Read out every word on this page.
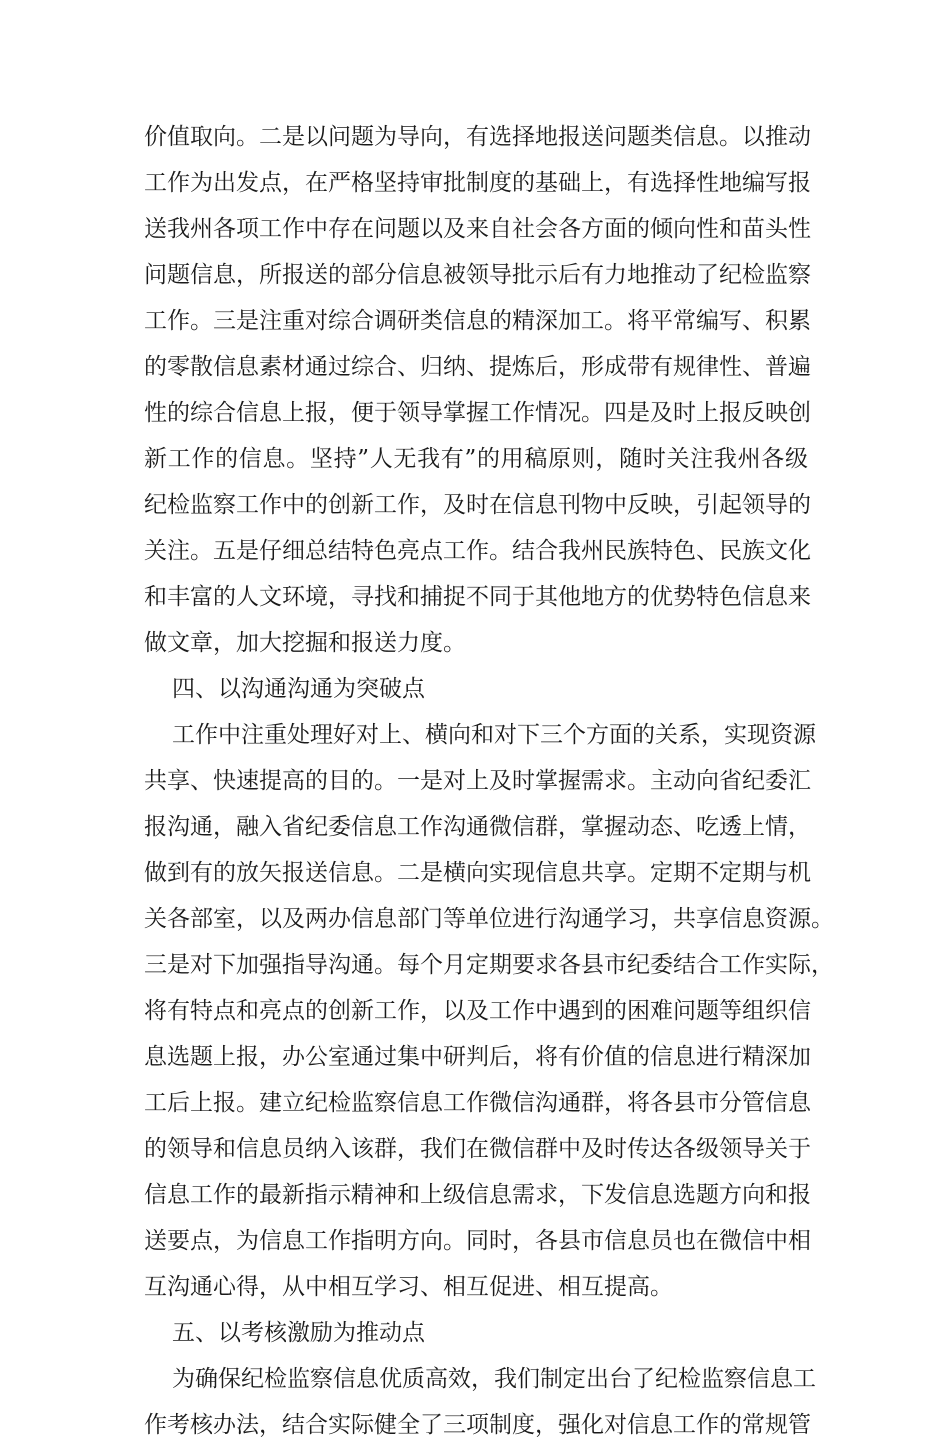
价值取向。二是以问题为导向，有选择地报送问题类信息。以推动
工作为出发点，在严格坚持审批制度的基础上，有选择性地编写报
送我州各项工作中存在问题以及来自社会各方面的倾向性和苗头性
问题信息，所报送的部分信息被领导批示后有力地推动了纪检监察
工作。三是注重对综合调研类信息的精深加工。将平常编写、积累
的零散信息素材通过综合、归纳、提炼后，形成带有规律性、普遍
性的综合信息上报，便于领导掌握工作情况。四是及时上报反映创
新工作的信息。坚持”人无我有”的用稿原则，随时关注我州各级
纪检监察工作中的创新工作，及时在信息刊物中反映，引起领导的
关注。五是仔细总结特色亮点工作。结合我州民族特色、民族文化
和丰富的人文环境，寻找和捕捉不同于其他地方的优势特色信息来
做文章，加大挖掘和报送力度。
四、以沟通沟通为突破点
工作中注重处理好对上、横向和对下三个方面的关系，实现资源
共享、快速提高的目的。一是对上及时掌握需求。主动向省纪委汇
报沟通，融入省纪委信息工作沟通微信群，掌握动态、吃透上情，
做到有的放矢报送信息。二是横向实现信息共享。定期不定期与机
关各部室，以及两办信息部门等单位进行沟通学习，共享信息资源。
三是对下加强指导沟通。每个月定期要求各县市纪委结合工作实际，
将有特点和亮点的创新工作，以及工作中遇到的困难问题等组织信
息选题上报，办公室通过集中研判后，将有价值的信息进行精深加
工后上报。建立纪检监察信息工作微信沟通群，将各县市分管信息
的领导和信息员纳入该群，我们在微信群中及时传达各级领导关于
信息工作的最新指示精神和上级信息需求，下发信息选题方向和报
送要点，为信息工作指明方向。同时，各县市信息员也在微信中相
互沟通心得，从中相互学习、相互促进、相互提高。
五、以考核激励为推动点
为确保纪检监察信息优质高效，我们制定出台了纪检监察信息工
作考核办法，结合实际健全了三项制度，强化对信息工作的常规管
